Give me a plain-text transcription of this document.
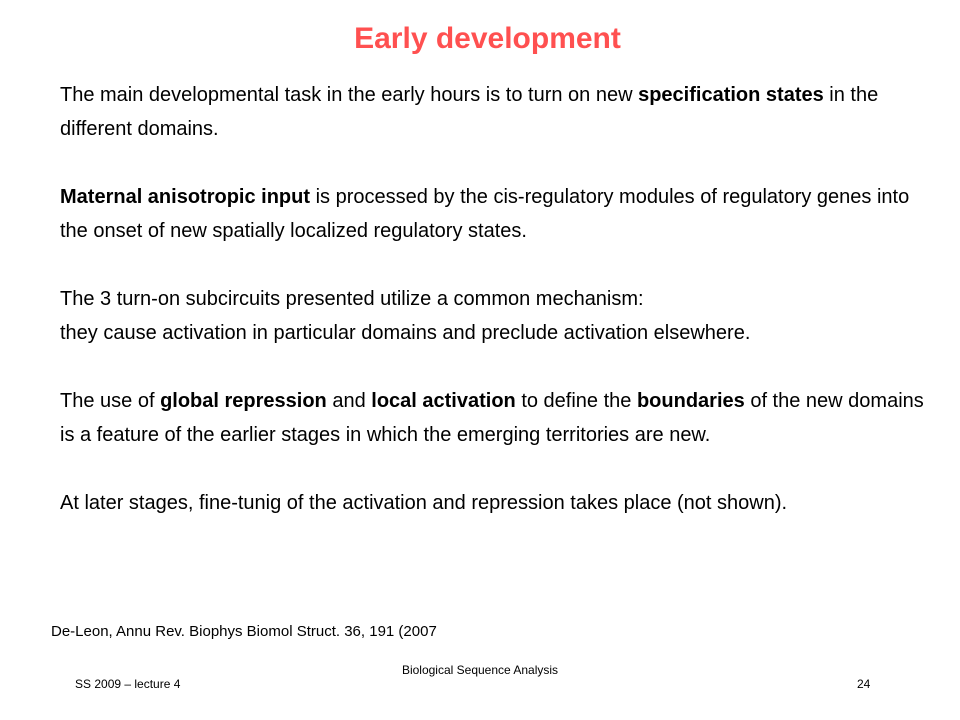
Early development

The main developmental task in the early hours is to turn on new specification states in the different domains.

Maternal anisotropic input is processed by the cis-regulatory modules of regulatory genes into the onset of new spatially localized regulatory states.

The 3 turn-on subcircuits presented utilize a common mechanism:
they cause activation in particular domains and preclude activation elsewhere.

The use of global repression and local activation to define the boundaries of the new domains is a feature of the earlier stages in which the emerging territories are new.

At later stages, fine-tunig of the activation and repression takes place (not shown).

De-Leon, Annu Rev. Biophys Biomol Struct. 36, 191 (2007
Biological Sequence Analysis
SS 2009 – lecture 4	24
